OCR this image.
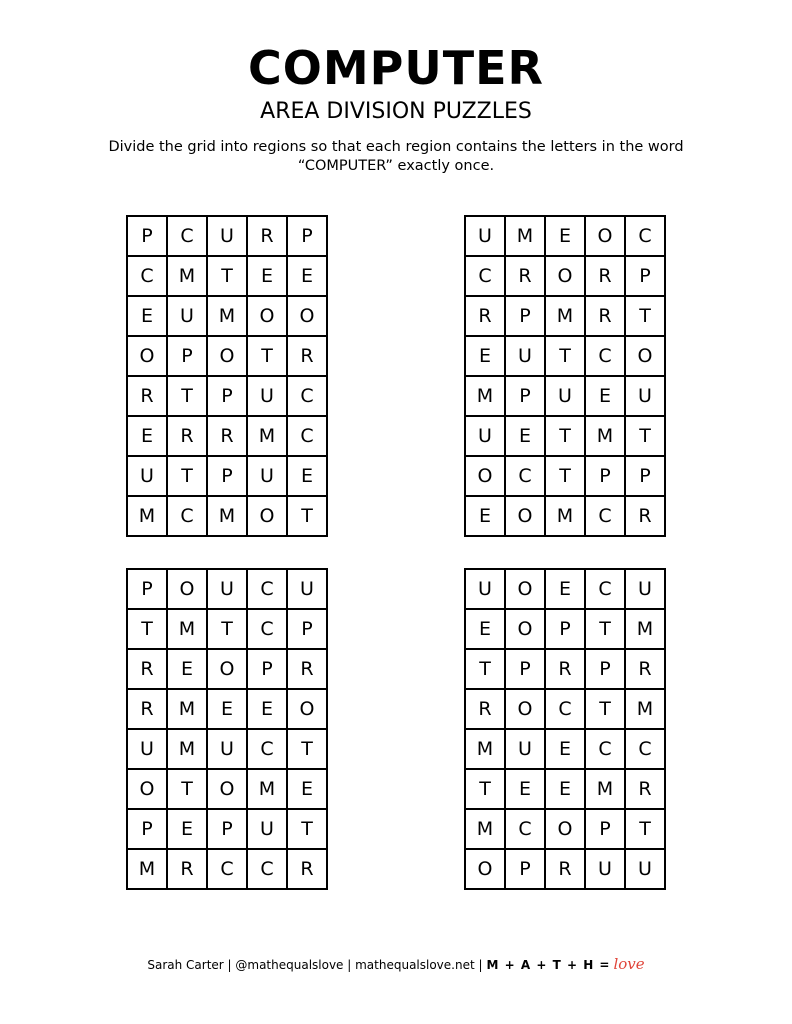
COMPUTER
AREA DIVISION PUZZLES
Divide the grid into regions so that each region contains the letters in the word “COMPUTER” exactly once.
P	C	U	R	P
C	M	T	E	E
E	U	M	O	O
O	P	O	T	R
R	T	P	U	C
E	R	R	M	C
U	T	P	U	E
M	C	M	O	T
U	M	E	O	C
C	R	O	R	P
R	P	M	R	T
E	U	T	C	O
M	P	U	E	U
U	E	T	M	T
O	C	T	P	P
E	O	M	C	R
P	O	U	C	U
T	M	T	C	P
R	E	O	P	R
R	M	E	E	O
U	M	U	C	T
O	T	O	M	E
P	E	P	U	T
M	R	C	C	R
U	O	E	C	U
E	O	P	T	M
T	P	R	P	R
R	O	C	T	M
M	U	E	C	C
T	E	E	M	R
M	C	O	P	T
O	P	R	U	U
Sarah Carter | @mathequalslove | mathequalslove.net | M + A + T + H = love
